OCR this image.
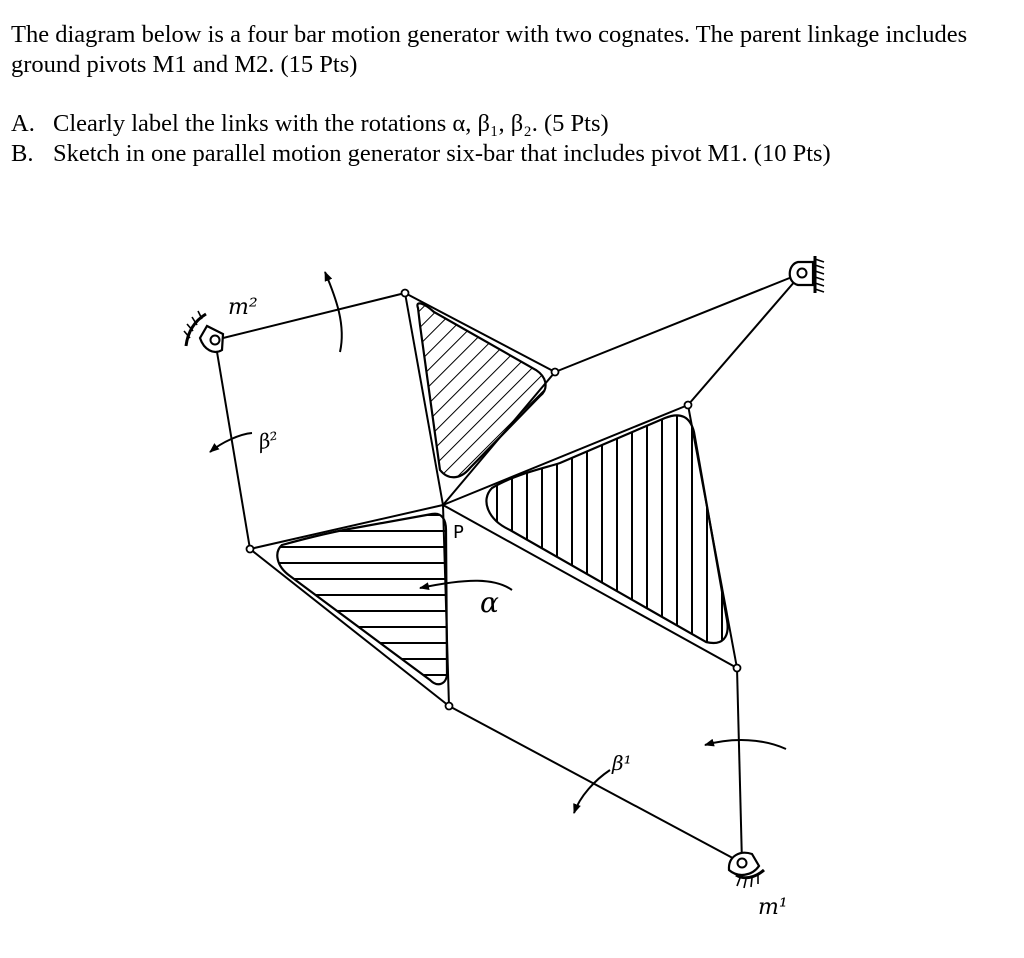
The diagram below is a four bar motion generator with two cognates. The parent linkage includes

ground pivots M1 and M2. (15 Pts)

A. Clearly label the links with the rotations α, β₁, β₂. (5 Pts)

B. Sketch in one parallel motion generator six-bar that includes pivot M1. (10 Pts)

m²
β²
P
α
β¹
m¹
